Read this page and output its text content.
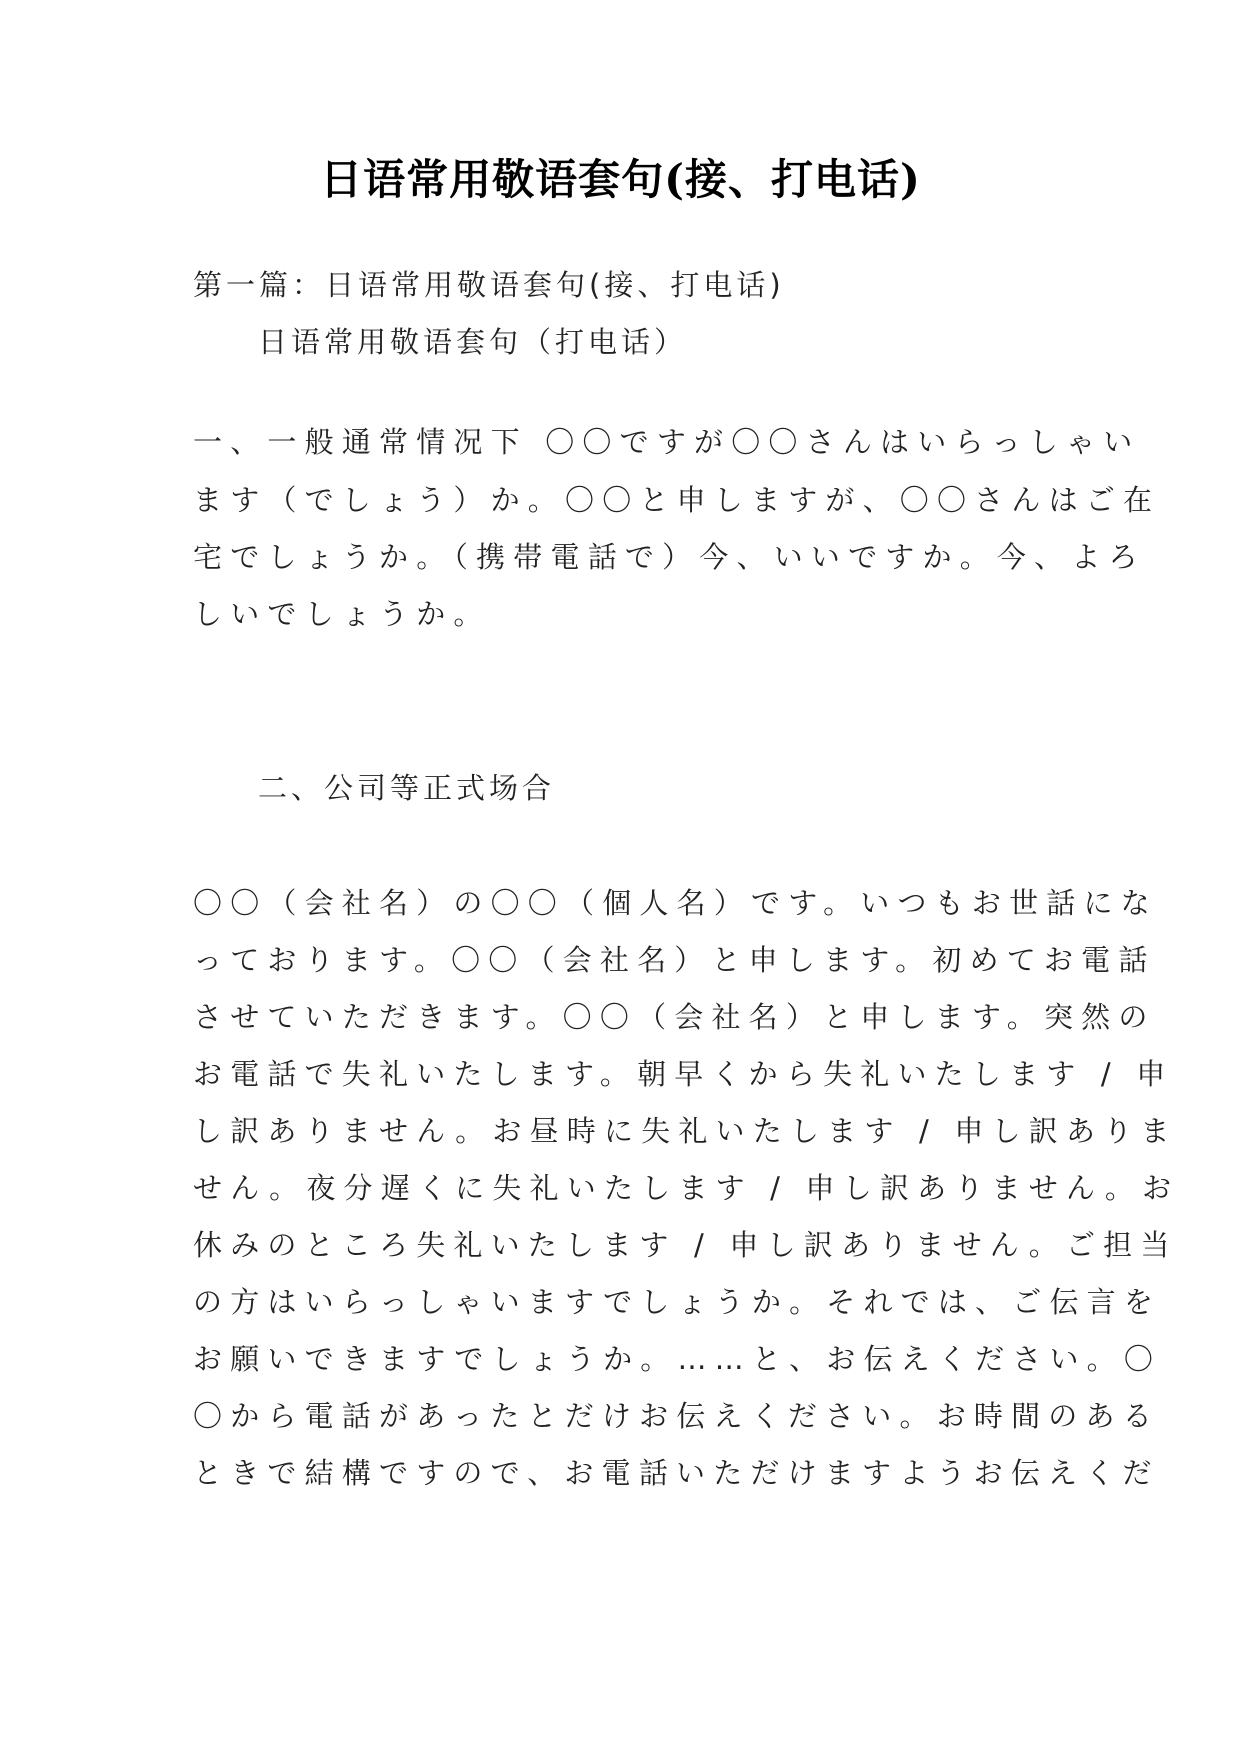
日语常用敬语套句(接、打电话)
第一篇：日语常用敬语套句(接、打电话)
日语常用敬语套句（打电话）
一、一般通常情况下 〇〇ですが〇〇さんはいらっしゃい
ます（でしょう）か。〇〇と申しますが、〇〇さんはご在
宅でしょうか。（携帯電話で）今、いいですか。今、よろ
しいでしょうか。
二、公司等正式场合
〇〇（会社名）の〇〇（個人名）です。いつもお世話にな
っております。〇〇（会社名）と申します。初めてお電話
させていただきます。〇〇（会社名）と申します。突然の
お電話で失礼いたします。朝早くから失礼いたします / 申
し訳ありません。お昼時に失礼いたします / 申し訳ありま
せん。夜分遅くに失礼いたします / 申し訳ありません。お
休みのところ失礼いたします / 申し訳ありません。ご担当
の方はいらっしゃいますでしょうか。それでは、ご伝言を
お願いできますでしょうか。……と、お伝えください。〇
〇から電話があったとだけお伝えください。お時間のある
ときで結構ですので、お電話いただけますようお伝えくだ
